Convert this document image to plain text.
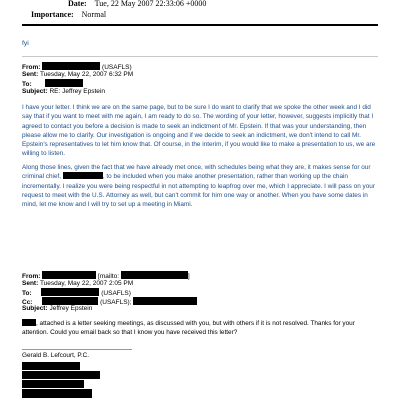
Date: Tue, 22 May 2007 22:33:06 +0000
Importance: Normal
fyi
From:	(USAFLS)
Sent: Tuesday, May 22, 2007 6:32 PM
To:
Subject: RE: Jeffrey Epstein
I have your letter. I think we are on the same page, but to be sure I do want to clarify that we spoke the other week and I did say that if you want to meet with me again, I am ready to do so. The wording of your letter, however, suggests implicitly that I agreed to contact you before a decision is made to seek an indictment of Mr. Epstein. If that was your understanding, then please allow me to clarify. Our investigation is ongoing and if we decide to seek an indictment, we don't intend to call Mr. Epstein's representatives to let him know that. Of course, in the interim, if you would like to make a presentation to us, we are willing to listen.
Along those lines, given the fact that we have already met once, with schedules being what they are, it makes sense for our criminal chief,	, to be included when you make another presentation, rather than working up the chain incrementally. I realize you were being respectful in not attempting to leapfrog over me, which I appreciate. I will pass on your request to meet with the U.S. Attorney as well, but can't commit for him one way or another. When you have some dates in mind, let me know and I will try to set up a meeting in Miami.
From:	[mailto:	]
Sent: Tuesday, May 22, 2007 2:05 PM
To:	(USAFLS)
Cc:	(USAFLS);
Subject: Jeffrey Epstein
, attached is a letter seeking meetings, as discussed with you, but with others if it is not resolved. Thanks for your attention. Could you email back so that I know you have received this letter?
Gerald B. Lefcourt, P.C.
